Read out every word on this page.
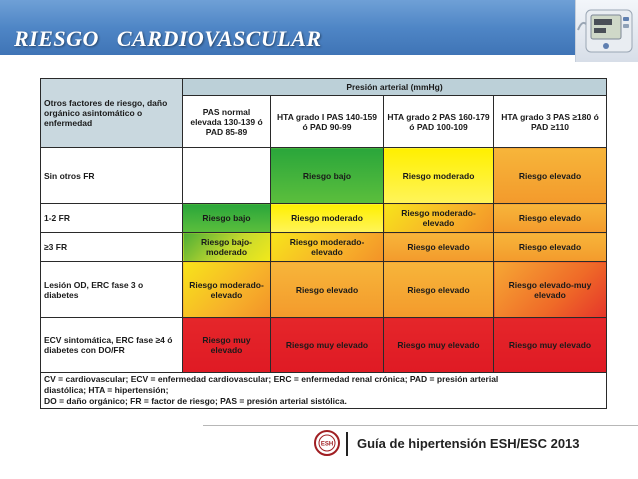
RIESGO   CARDIOVASCULAR
Otros factores de riesgo, daño orgánico asintomático o enfermedad	Presión arterial (mmHg)			
	PAS normal elevada 130-139 ó PAD 85-89	HTA grado I PAS 140-159 ó PAD 90-99	HTA grado 2 PAS 160-179 ó PAD 100-109	HTA grado 3 PAS ≥180 ó PAD ≥110
Sin otros FR		Riesgo bajo	Riesgo moderado	Riesgo elevado
1-2 FR	Riesgo bajo	Riesgo moderado	Riesgo moderado-elevado	Riesgo elevado
≥3 FR	Riesgo bajo-moderado	Riesgo moderado-elevado	Riesgo elevado	Riesgo elevado
Lesión OD, ERC fase 3 o diabetes	Riesgo moderado-elevado	Riesgo elevado	Riesgo elevado	Riesgo elevado-muy elevado
ECV sintomática, ERC fase ≥4 ó diabetes con DO/FR	Riesgo muy elevado	Riesgo muy elevado	Riesgo muy elevado	Riesgo muy elevado

CV = cardiovascular; ECV = enfermedad cardiovascular; ERC = enfermedad renal crónica; PAD = presión arterial
diastólica; HTA = hipertensión;
DO = daño orgánico; FR = factor de riesgo; PAS = presión arterial sistólica.				
ESH Guía de hipertensión ESH/ESC 2013
